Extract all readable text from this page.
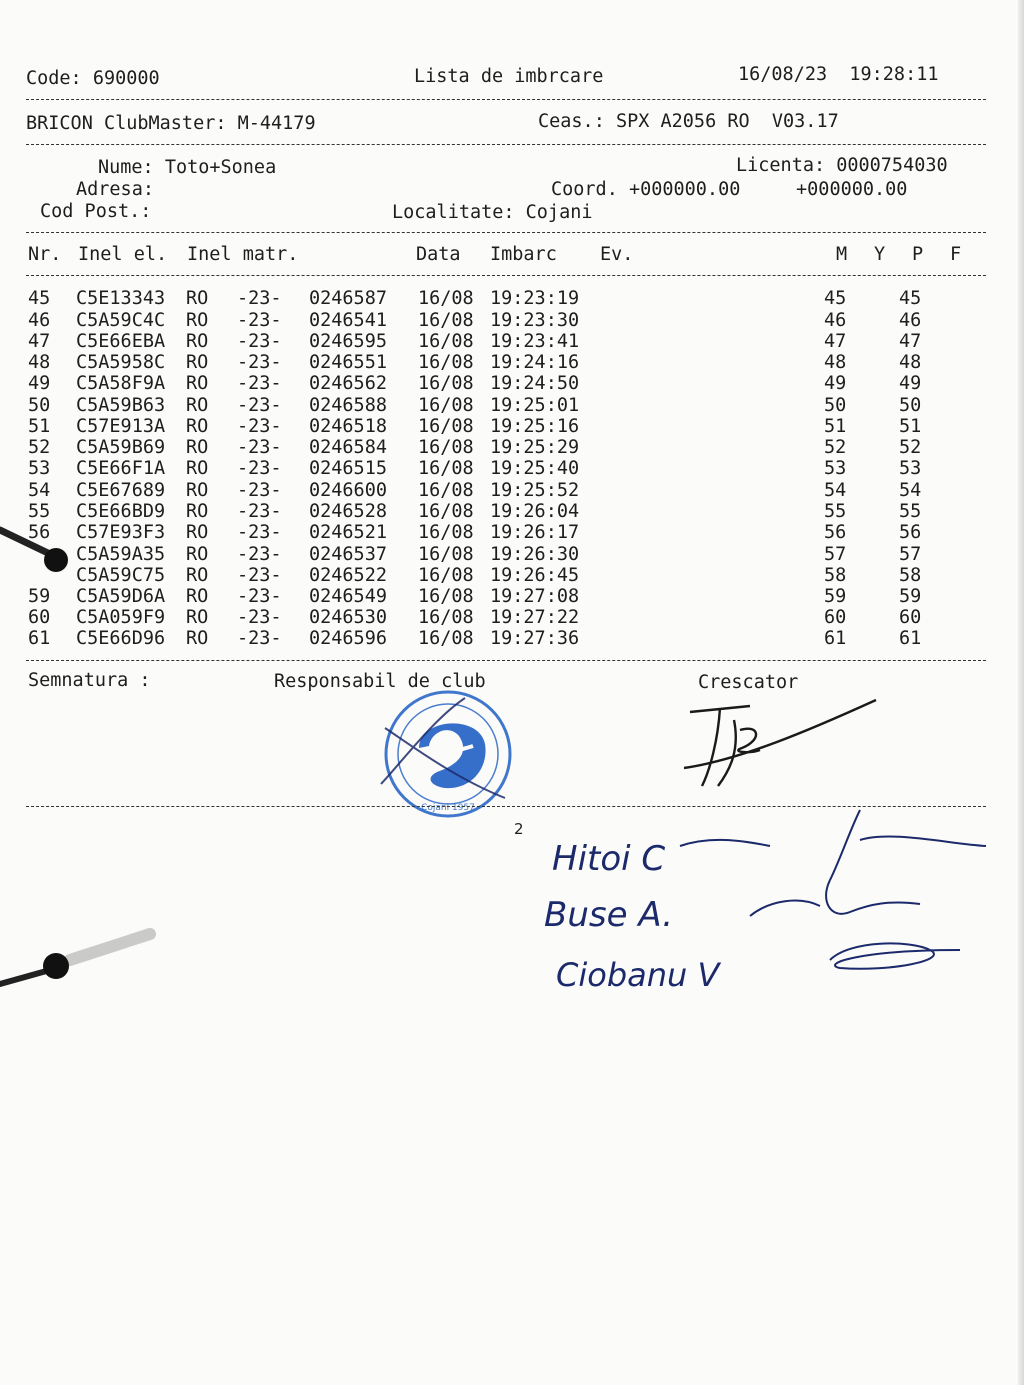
Code: 690000	Lista de imbrcare	16/08/23  19:28:11
BRICON ClubMaster: M-44179	Ceas.: SPX A2056 RO  V03.17
Nume: Toto+Sonea	Licenta: 0000754030
Adresa:	Coord. +000000.00     +000000.00
Cod Post.:	Localitate: Cojani
Nr. Inel el. Inel matr.	Data Imbarc Ev.	M Y P F
45 C5E13343 RO -23- 0246587 16/08 19:23:19	45	45
46 C5A59C4C RO -23- 0246541 16/08 19:23:30	46	46
47 C5E66EBA RO -23- 0246595 16/08 19:23:41	47	47
48 C5A5958C RO -23- 0246551 16/08 19:24:16	48	48
49 C5A58F9A RO -23- 0246562 16/08 19:24:50	49	49
50 C5A59B63 RO -23- 0246588 16/08 19:25:01	50	50
51 C57E913A RO -23- 0246518 16/08 19:25:16	51	51
52 C5A59B69 RO -23- 0246584 16/08 19:25:29	52	52
53 C5E66F1A RO -23- 0246515 16/08 19:25:40	53	53
54 C5E67689 RO -23- 0246600 16/08 19:25:52	54	54
55 C5E66BD9 RO -23- 0246528 16/08 19:26:04	55	55
56 C57E93F3 RO -23- 0246521 16/08 19:26:17	56	56
C5A59A35 RO -23- 0246537 16/08 19:26:30	57	57
C5A59C75 RO -23- 0246522 16/08 19:26:45	58	58
59 C5A59D6A RO -23- 0246549 16/08 19:27:08	59	59
60 C5A059F9 RO -23- 0246530 16/08 19:27:22	60	60
61 C5E66D96 RO -23- 0246596 16/08 19:27:36	61	61
Semnatura :	Responsabil de club	Crescator
Cojani 1957
2
Hitoi C
Buse A.
Ciobanu V
